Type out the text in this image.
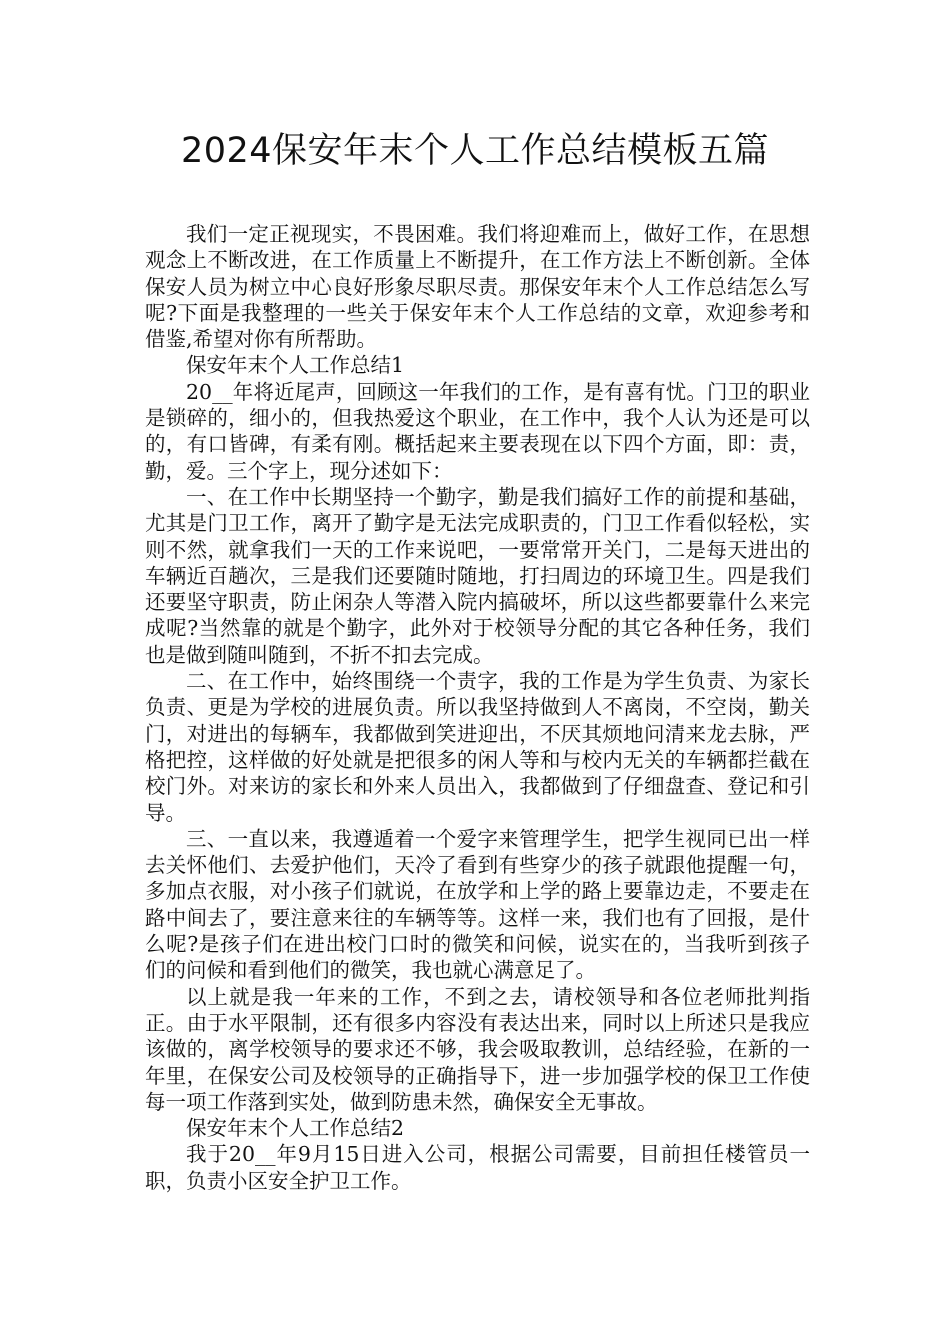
2024保安年末个人工作总结模板五篇

我们一定正视现实，不畏困难。我们将迎难而上，做好工作，在思想观念上不断改进，在工作质量上不断提升，在工作方法上不断创新。全体保安人员为树立中心良好形象尽职尽责。那保安年末个人工作总结怎么写呢?下面是我整理的一些关于保安年末个人工作总结的文章，欢迎参考和借鉴,希望对你有所帮助。

保安年末个人工作总结1

20__年将近尾声，回顾这一年我们的工作，是有喜有忧。门卫的职业是锁碎的，细小的，但我热爱这个职业，在工作中，我个人认为还是可以的，有口皆碑，有柔有刚。概括起来主要表现在以下四个方面，即：责，勤，爱。三个字上，现分述如下：

一、在工作中长期坚持一个勤字，勤是我们搞好工作的前提和基础，尤其是门卫工作，离开了勤字是无法完成职责的，门卫工作看似轻松，实则不然，就拿我们一天的工作来说吧，一要常常开关门，二是每天进出的车辆近百趟次，三是我们还要随时随地，打扫周边的环境卫生。四是我们还要坚守职责，防止闲杂人等潜入院内搞破坏，所以这些都要靠什么来完成呢?当然靠的就是个勤字，此外对于校领导分配的其它各种任务，我们也是做到随叫随到，不折不扣去完成。

二、在工作中，始终围绕一个责字，我的工作是为学生负责、为家长负责、更是为学校的进展负责。所以我坚持做到人不离岗，不空岗，勤关门，对进出的每辆车，我都做到笑进迎出，不厌其烦地问清来龙去脉，严格把控，这样做的好处就是把很多的闲人等和与校内无关的车辆都拦截在校门外。对来访的家长和外来人员出入，我都做到了仔细盘查、登记和引导。

三、一直以来，我遵遁着一个爱字来管理学生，把学生视同已出一样去关怀他们、去爱护他们，天冷了看到有些穿少的孩子就跟他提醒一句，多加点衣服，对小孩子们就说，在放学和上学的路上要靠边走，不要走在路中间去了，要注意来往的车辆等等。这样一来，我们也有了回报，是什么呢?是孩子们在进出校门口时的微笑和问候，说实在的，当我听到孩子们的问候和看到他们的微笑，我也就心满意足了。

以上就是我一年来的工作，不到之去，请校领导和各位老师批判指正。由于水平限制，还有很多内容没有表达出来，同时以上所述只是我应该做的，离学校领导的要求还不够，我会吸取教训，总结经验，在新的一年里，在保安公司及校领导的正确指导下，进一步加强学校的保卫工作使每一项工作落到实处，做到防患未然，确保安全无事故。

保安年末个人工作总结2

我于20__年9月15日进入公司，根据公司需要，目前担任楼管员一职，负责小区安全护卫工作。
